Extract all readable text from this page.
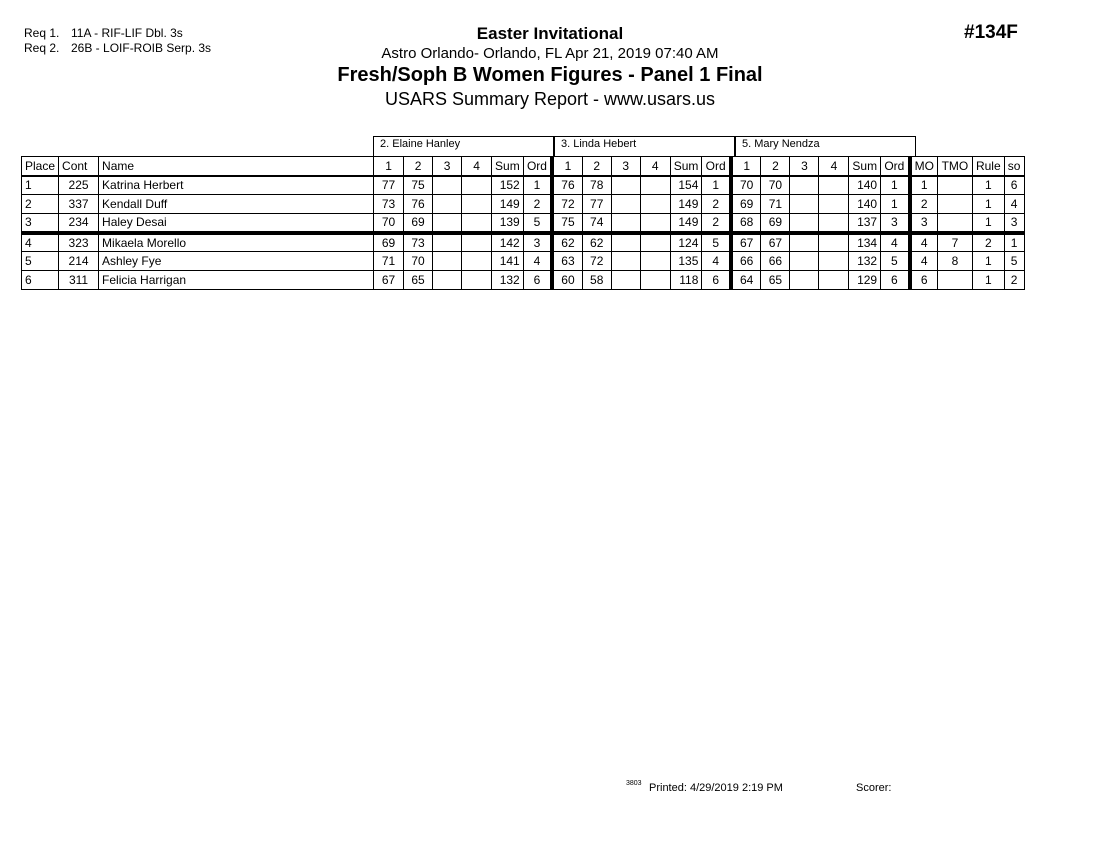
Req 1. 11A - RIF-LIF Dbl. 3s
Req 2. 26B - LOIF-ROIB Serp. 3s
#134F
Easter Invitational
Astro Orlando- Orlando, FL Apr 21, 2019 07:40 AM
Fresh/Soph B Women Figures - Panel 1 Final
USARS Summary Report - www.usars.us
2. Elaine Hanley	3. Linda Hebert	5. Mary Nendza
Place	Cont	Name	1	2	3	4	Sum	Ord	1	2	3	4	Sum	Ord	1	2	3	4	Sum	Ord	MO	TMO	Rule	so
1	225	Katrina Herbert	77	75			152	1	76	78			154	1	70	70			140	1	1		1	6
2	337	Kendall Duff	73	76			149	2	72	77			149	2	69	71			140	1	2		1	4
3	234	Haley Desai	70	69			139	5	75	74			149	2	68	69			137	3	3		1	3
4	323	Mikaela Morello	69	73			142	3	62	62			124	5	67	67			134	4	4	7	2	1
5	214	Ashley Fye	71	70			141	4	63	72			135	4	66	66			132	5	4	8	1	5
6	311	Felicia Harrigan	67	65			132	6	60	58			118	6	64	65			129	6	6		1	2
3803 Printed: 4/29/2019 2:19 PM	Scorer:
